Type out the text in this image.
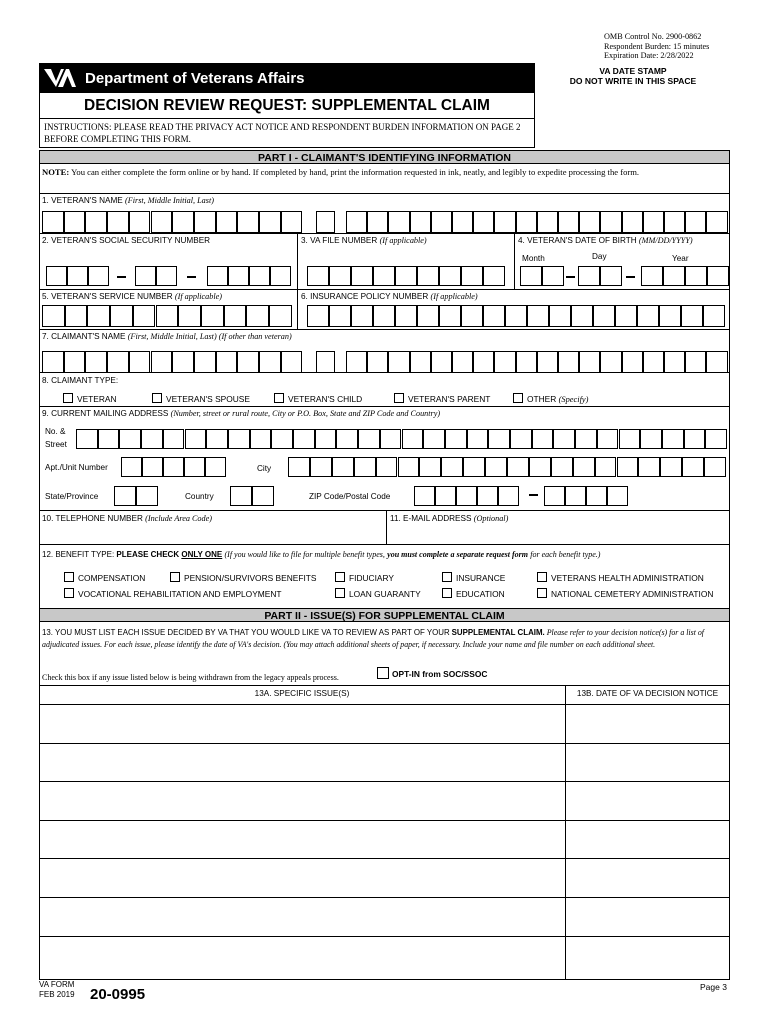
OMB Control No. 2900-0862
Respondent Burden: 15 minutes
Expiration Date: 2/28/2022
Department of Veterans Affairs	VA DATE STAMP
DO NOT WRITE IN THIS SPACE
DECISION REVIEW REQUEST: SUPPLEMENTAL CLAIM
INSTRUCTIONS: PLEASE READ THE PRIVACY ACT NOTICE AND RESPONDENT BURDEN INFORMATION ON PAGE 2 BEFORE COMPLETING THIS FORM.
PART I - CLAIMANT'S IDENTIFYING INFORMATION
NOTE: You can either complete the form online or by hand. If completed by hand, print the information requested in ink, neatly, and legibly to expedite processing the form.
1. VETERAN'S NAME (First, Middle Initial, Last)
2. VETERAN'S SOCIAL SECURITY NUMBER	3. VA FILE NUMBER (If applicable)	4. VETERAN'S DATE OF BIRTH (MM/DD/YYYY)
Month	Day	Year
5. VETERAN'S SERVICE NUMBER (If applicable)	6. INSURANCE POLICY NUMBER (If applicable)
7. CLAIMANT'S NAME (First, Middle Initial, Last) (If other than veteran)
8. CLAIMANT TYPE:
VETERAN	VETERAN'S SPOUSE	VETERAN'S CHILD	VETERAN'S PARENT	OTHER (Specify)
9. CURRENT MAILING ADDRESS (Number, street or rural route, City or P.O. Box, State and ZIP Code and Country)
No. &
Street
Apt./Unit Number	City
State/Province	Country	ZIP Code/Postal Code
10. TELEPHONE NUMBER (Include Area Code)	11. E-MAIL ADDRESS (Optional)
12. BENEFIT TYPE: PLEASE CHECK ONLY ONE (If you would like to file for multiple benefit types, you must complete a separate request form for each benefit type.)
COMPENSATION	PENSION/SURVIVORS BENEFITS	FIDUCIARY	INSURANCE	VETERANS HEALTH ADMINISTRATION
VOCATIONAL REHABILITATION AND EMPLOYMENT	LOAN GUARANTY	EDUCATION	NATIONAL CEMETERY ADMINISTRATION
PART II - ISSUE(S) FOR SUPPLEMENTAL CLAIM
13. YOU MUST LIST EACH ISSUE DECIDED BY VA THAT YOU WOULD LIKE VA TO REVIEW AS PART OF YOUR SUPPLEMENTAL CLAIM. Please refer to your decision notice(s) for a list of adjudicated issues. For each issue, please identify the date of VA's decision. (You may attach additional sheets of paper, if necessary. Include your name and file number on each additional sheet.
Check this box if any issue listed below is being withdrawn from the legacy appeals process.	OPT-IN from SOC/SSOC
13A. SPECIFIC ISSUE(S)	13B. DATE OF VA DECISION NOTICE
VA FORM
FEB 2019 20-0995	Page 3
